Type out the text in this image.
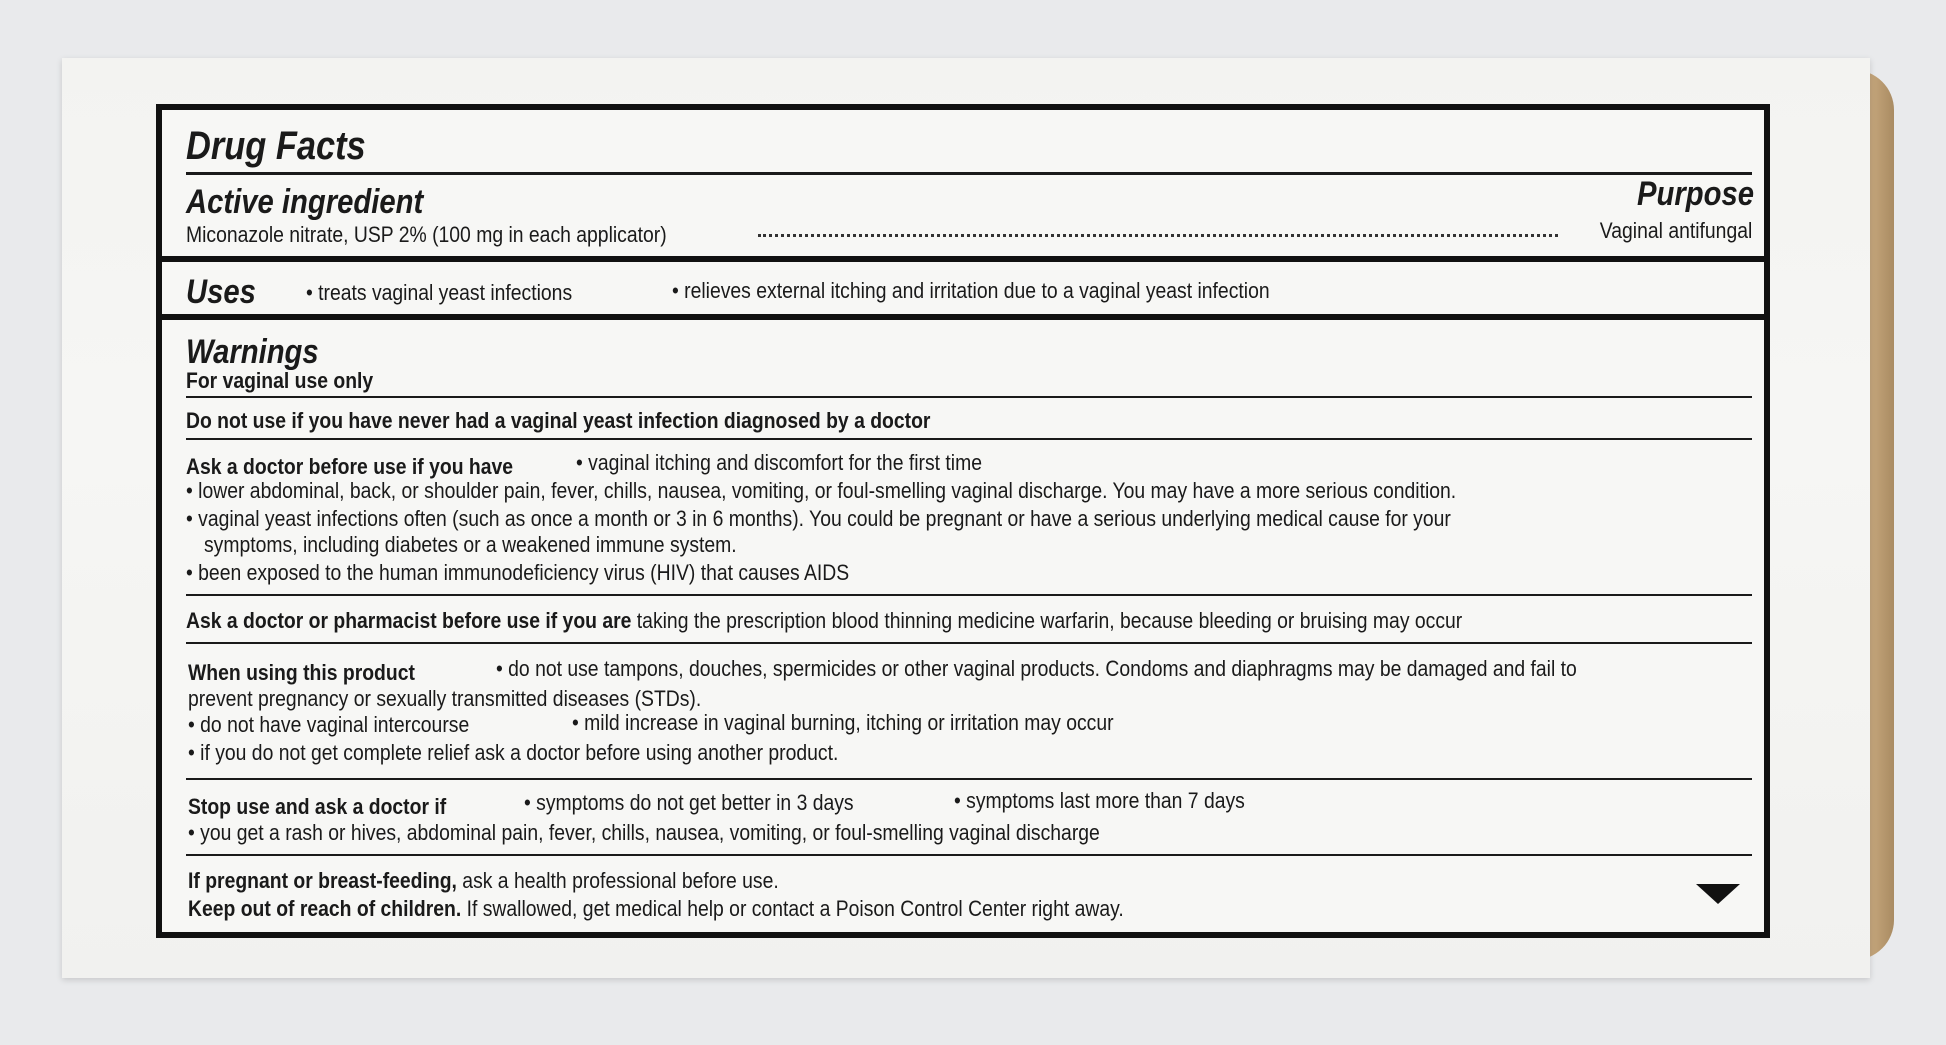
Drug Facts
Active ingredient	Purpose
Miconazole nitrate, USP 2% (100 mg in each applicator)	Vaginal antifungal
Uses • treats vaginal yeast infections	• relieves external itching and irritation due to a vaginal yeast infection
Warnings
For vaginal use only
Do not use if you have never had a vaginal yeast infection diagnosed by a doctor
Ask a doctor before use if you have	• vaginal itching and discomfort for the first time
• lower abdominal, back, or shoulder pain, fever, chills, nausea, vomiting, or foul-smelling vaginal discharge. You may have a more serious condition.
• vaginal yeast infections often (such as once a month or 3 in 6 months). You could be pregnant or have a serious underlying medical cause for your
symptoms, including diabetes or a weakened immune system.
• been exposed to the human immunodeficiency virus (HIV) that causes AIDS
Ask a doctor or pharmacist before use if you are taking the prescription blood thinning medicine warfarin, because bleeding or bruising may occur
When using this product	• do not use tampons, douches, spermicides or other vaginal products. Condoms and diaphragms may be damaged and fail to
prevent pregnancy or sexually transmitted diseases (STDs).
• do not have vaginal intercourse	• mild increase in vaginal burning, itching or irritation may occur
• if you do not get complete relief ask a doctor before using another product.
Stop use and ask a doctor if	• symptoms do not get better in 3 days	• symptoms last more than 7 days
• you get a rash or hives, abdominal pain, fever, chills, nausea, vomiting, or foul-smelling vaginal discharge
If pregnant or breast-feeding, ask a health professional before use.
Keep out of reach of children. If swallowed, get medical help or contact a Poison Control Center right away.
